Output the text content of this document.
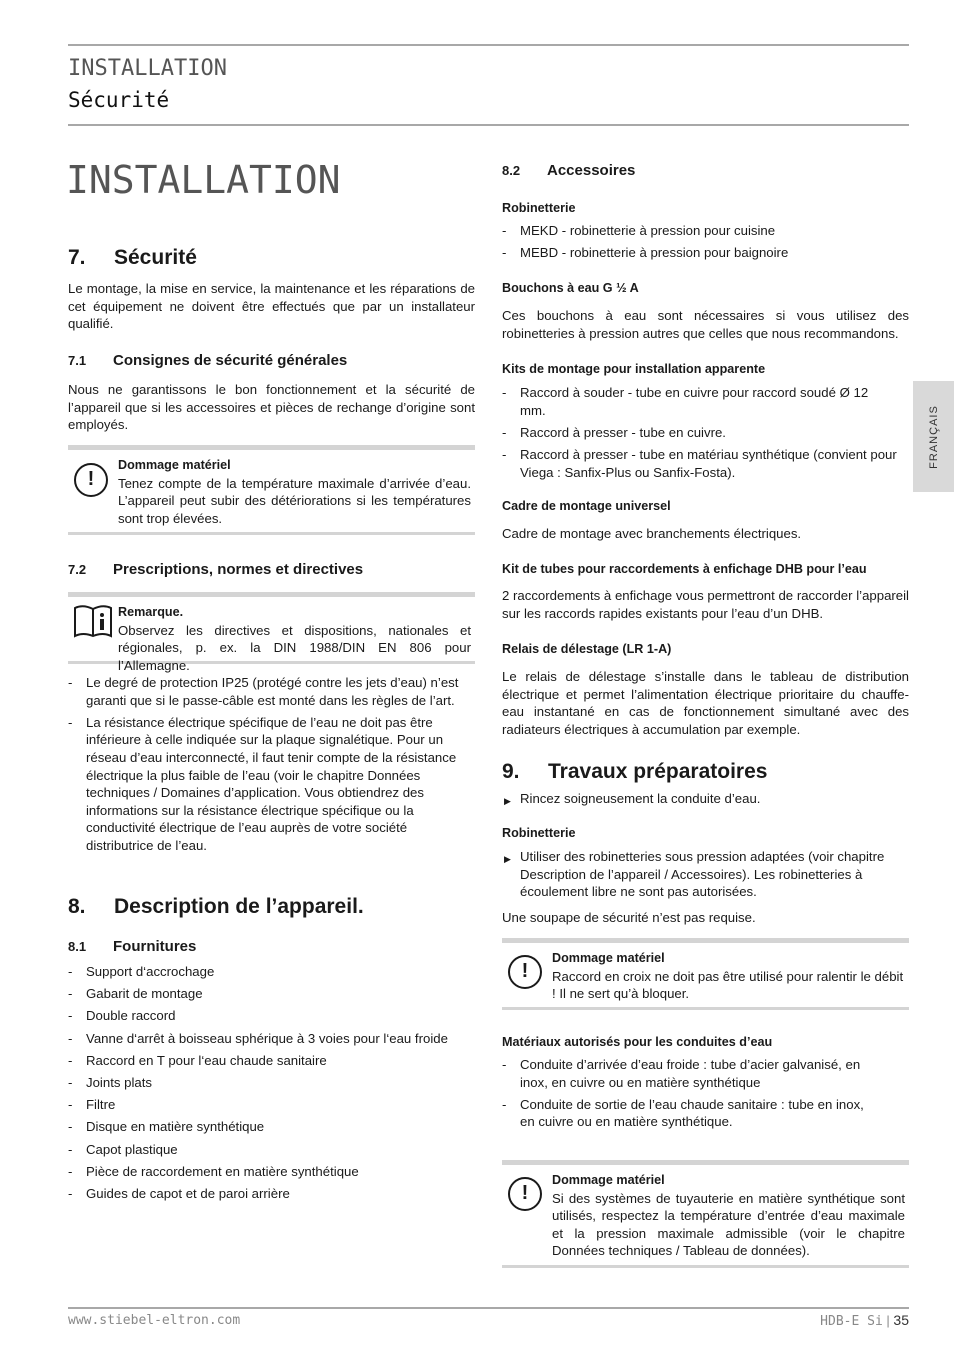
INSTALLATION
Sécurité
FRANÇAIS
INSTALLATION
7. Sécurité
Le montage, la mise en service, la maintenance et les réparations de cet équipement ne doivent être effectués que par un installateur qualifié.
7.1 Consignes de sécurité générales
Nous ne garantissons le bon fonctionnement et la sécurité de l’appareil que si les accessoires et pièces de rechange d’origine sont employés.
!
Dommage matériel

Tenez compte de la température maximale d’arrivée d’eau. L’appareil peut subir des détériorations si les températures sont trop élevées.
7.2 Prescriptions, normes et directives
Remarque.

Observez les directives et dispositions, nationales et régionales, p. ex. la DIN 1988/DIN EN 806 pour l’Allemagne.
- Le degré de protection IP25 (protégé contre les jets d’eau) n’est garanti que si le passe-câble est monté dans les règles de l’art.
- La résistance électrique spécifique de l’eau ne doit pas être inférieure à celle indiquée sur la plaque signalétique. Pour un réseau d’eau interconnecté, il faut tenir compte de la résistance électrique la plus faible de l’eau (voir le chapitre Données techniques / Domaines d’application. Vous obtiendrez des informations sur la résistance électrique spécifique ou la conductivité électrique de l’eau auprès de votre société distributrice de l’eau.
8. Description de l’appareil.
8.1 Fournitures
- Support d‘accrochage
- Gabarit de montage
- Double raccord
- Vanne d‘arrêt à boisseau sphérique à 3 voies pour l‘eau froide
- Raccord en T pour l‘eau chaude sanitaire
- Joints plats
- Filtre
- Disque en matière synthétique
- Capot plastique
- Pièce de raccordement en matière synthétique
- Guides de capot et de paroi arrière
8.2 Accessoires
Robinetterie
- MEKD - robinetterie à pression pour cuisine
- MEBD - robinetterie à pression pour baignoire
Bouchons à eau G ½ A
Ces bouchons à eau sont nécessaires si vous utilisez des robinetteries à pression autres que celles que nous recommandons.
Kits de montage pour installation apparente
- Raccord à souder - tube en cuivre pour raccord soudé Ø 12 mm.
- Raccord à presser - tube en cuivre.
- Raccord à presser - tube en matériau synthétique (convient pour Viega : Sanfix-Plus ou Sanfix-Fosta).
Cadre de montage universel
Cadre de montage avec branchements électriques.
Kit de tubes pour raccordements à enfichage DHB pour l’eau
2 raccordements à enfichage vous permettront de raccorder l’appareil sur les raccords rapides existants pour l’eau d’un DHB.
Relais de délestage (LR 1-A)
Le relais de délestage s’installe dans le tableau de distribution électrique et permet l’alimentation électrique prioritaire du chauffe-eau instantané en cas de fonctionnement simultané avec des radiateurs électriques à accumulation par exemple.
9. Travaux préparatoires
▶ Rincez soigneusement la conduite d’eau.
Robinetterie
▶ Utiliser des robinetteries sous pression adaptées (voir chapitre Description de l’appareil / Accessoires). Les robinetteries à écoulement libre ne sont pas autorisées.
Une soupape de sécurité n’est pas requise.
!
Dommage matériel

Raccord en croix ne doit pas être utilisé pour ralentir le débit ! Il ne sert qu’à bloquer.
Matériaux autorisés pour les conduites d’eau
- Conduite d’arrivée d’eau froide : tube d’acier galvanisé, en inox, en cuivre ou en matière synthétique
- Conduite de sortie de l’eau chaude sanitaire : tube en inox, en cuivre ou en matière synthétique.
!
Dommage matériel

Si des systèmes de tuyauterie en matière synthétique sont utilisés, respectez la température d’entrée d’eau maximale et la pression maximale admissible (voir le chapitre Données techniques / Tableau de données).
www.stiebel-eltron.com	HDB-E Si | 35
